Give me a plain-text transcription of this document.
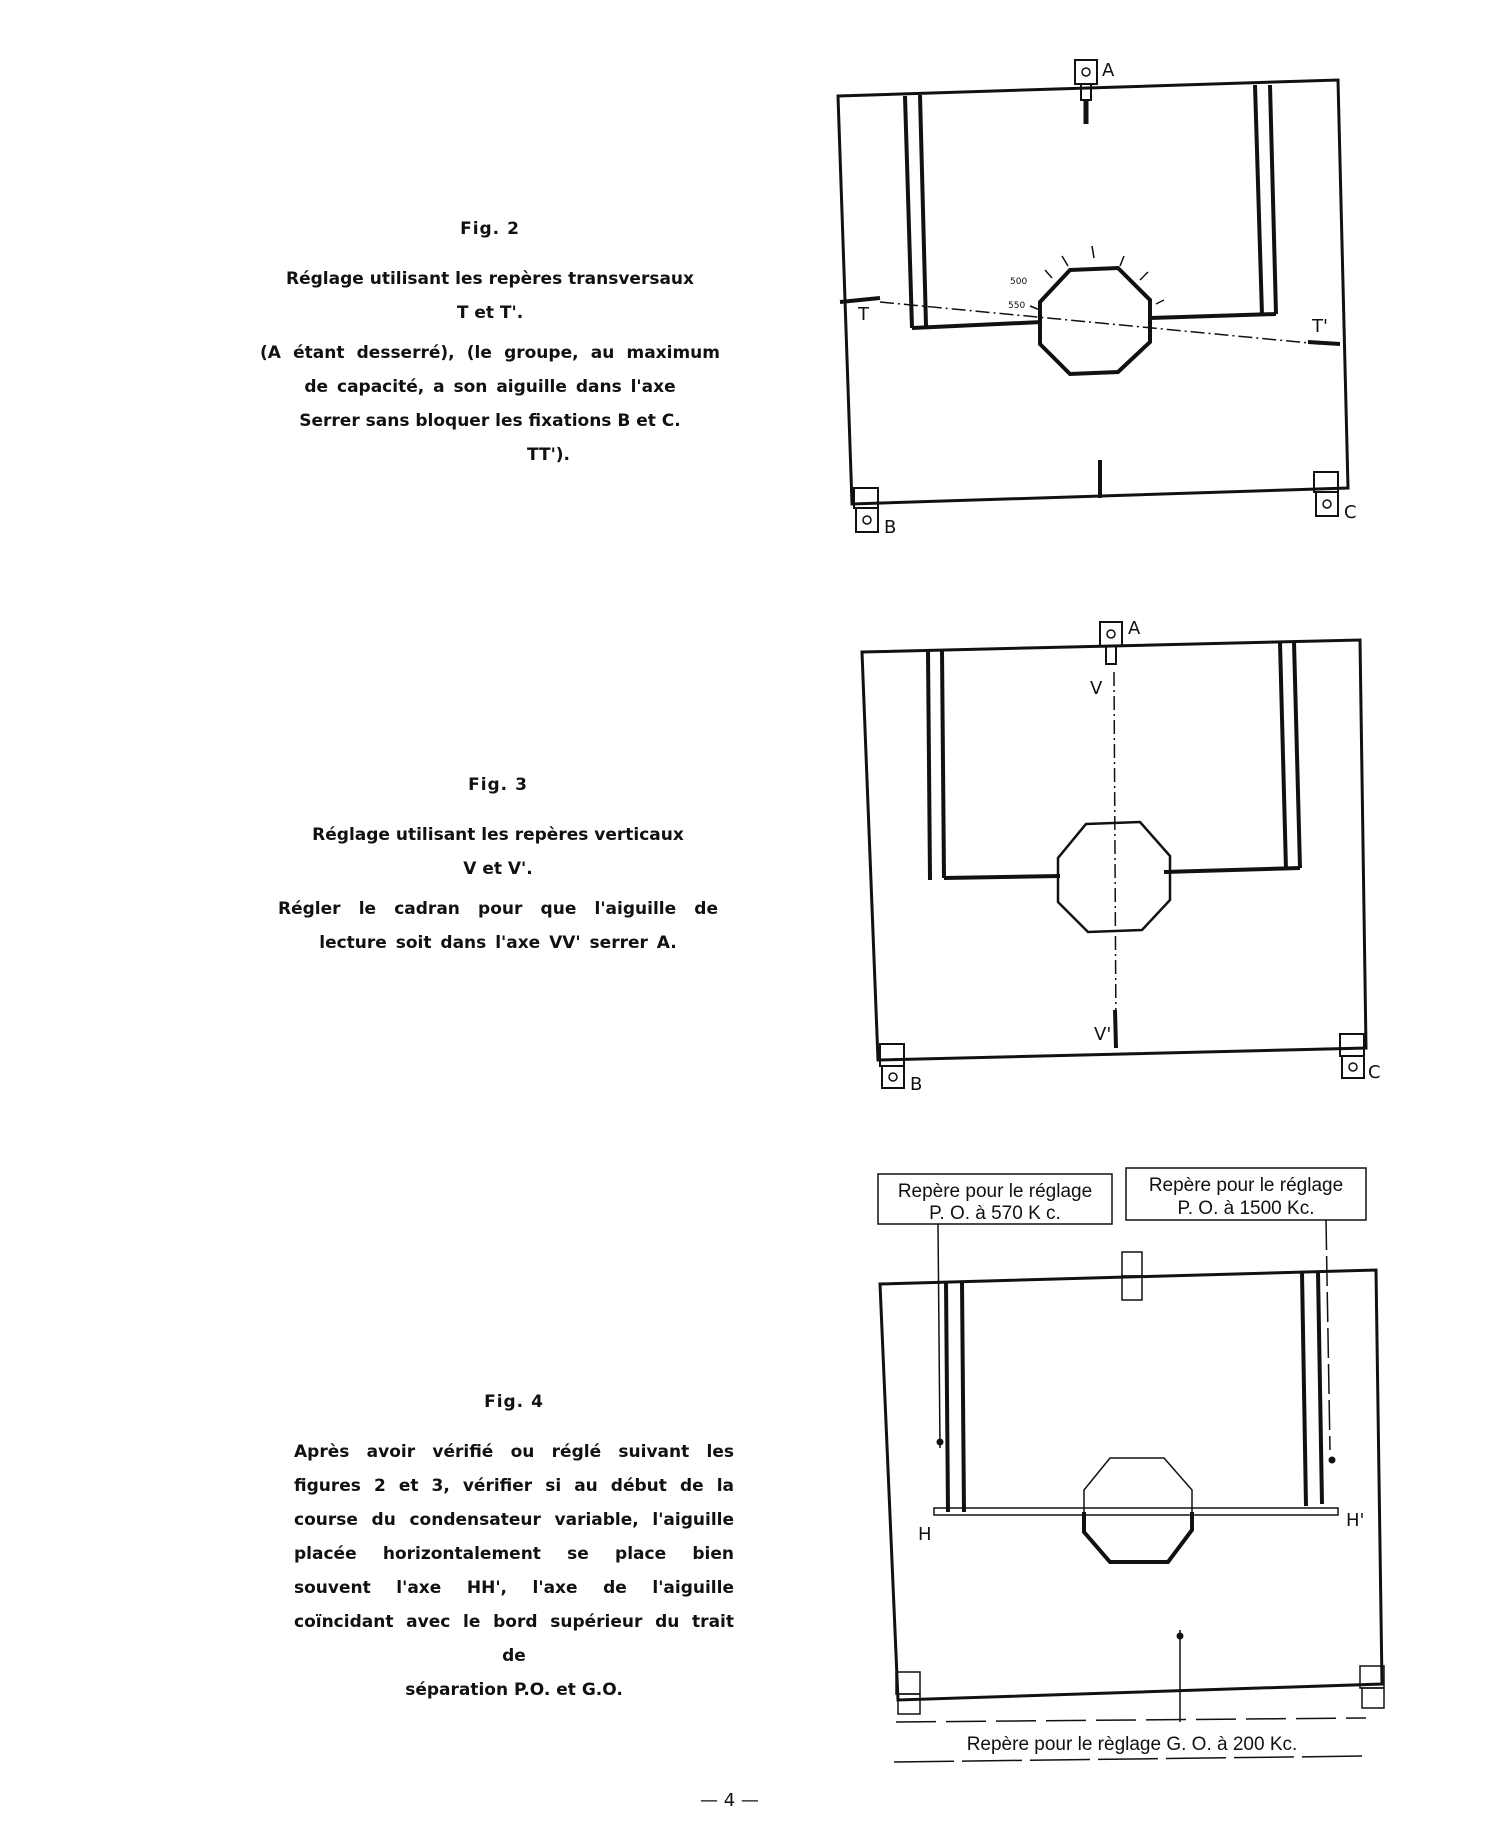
Fig. 2
Réglage utilisant les repères transversaux
T et T'.
(A étant desserré), (le groupe, au maximum de capacité, a son aiguille dans l'axe
Serrer sans bloquer les fixations B et C.
TT').
Fig. 3
Réglage utilisant les repères verticaux
V et V'.
Régler le cadran pour que l'aiguille de lecture soit dans l'axe VV' serrer A.
Fig. 4
Après avoir vérifié ou réglé suivant les figures 2 et 3, vérifier si au début de la course du condensateur variable, l'aiguille placée horizontalement se place bien souvent l'axe HH', l'axe de l'aiguille coïncidant avec le bord supérieur du trait de
séparation P.O. et G.O.
A
B
C
T
T'
500
550
A
B
C
V
V'
H
H'
Repère pour le réglage
P. O. à 570 K c.
Repère pour le réglage
P. O. à 1500 Kc.
Repère pour le règlage G. O. à 200 Kc.
— 4 —
